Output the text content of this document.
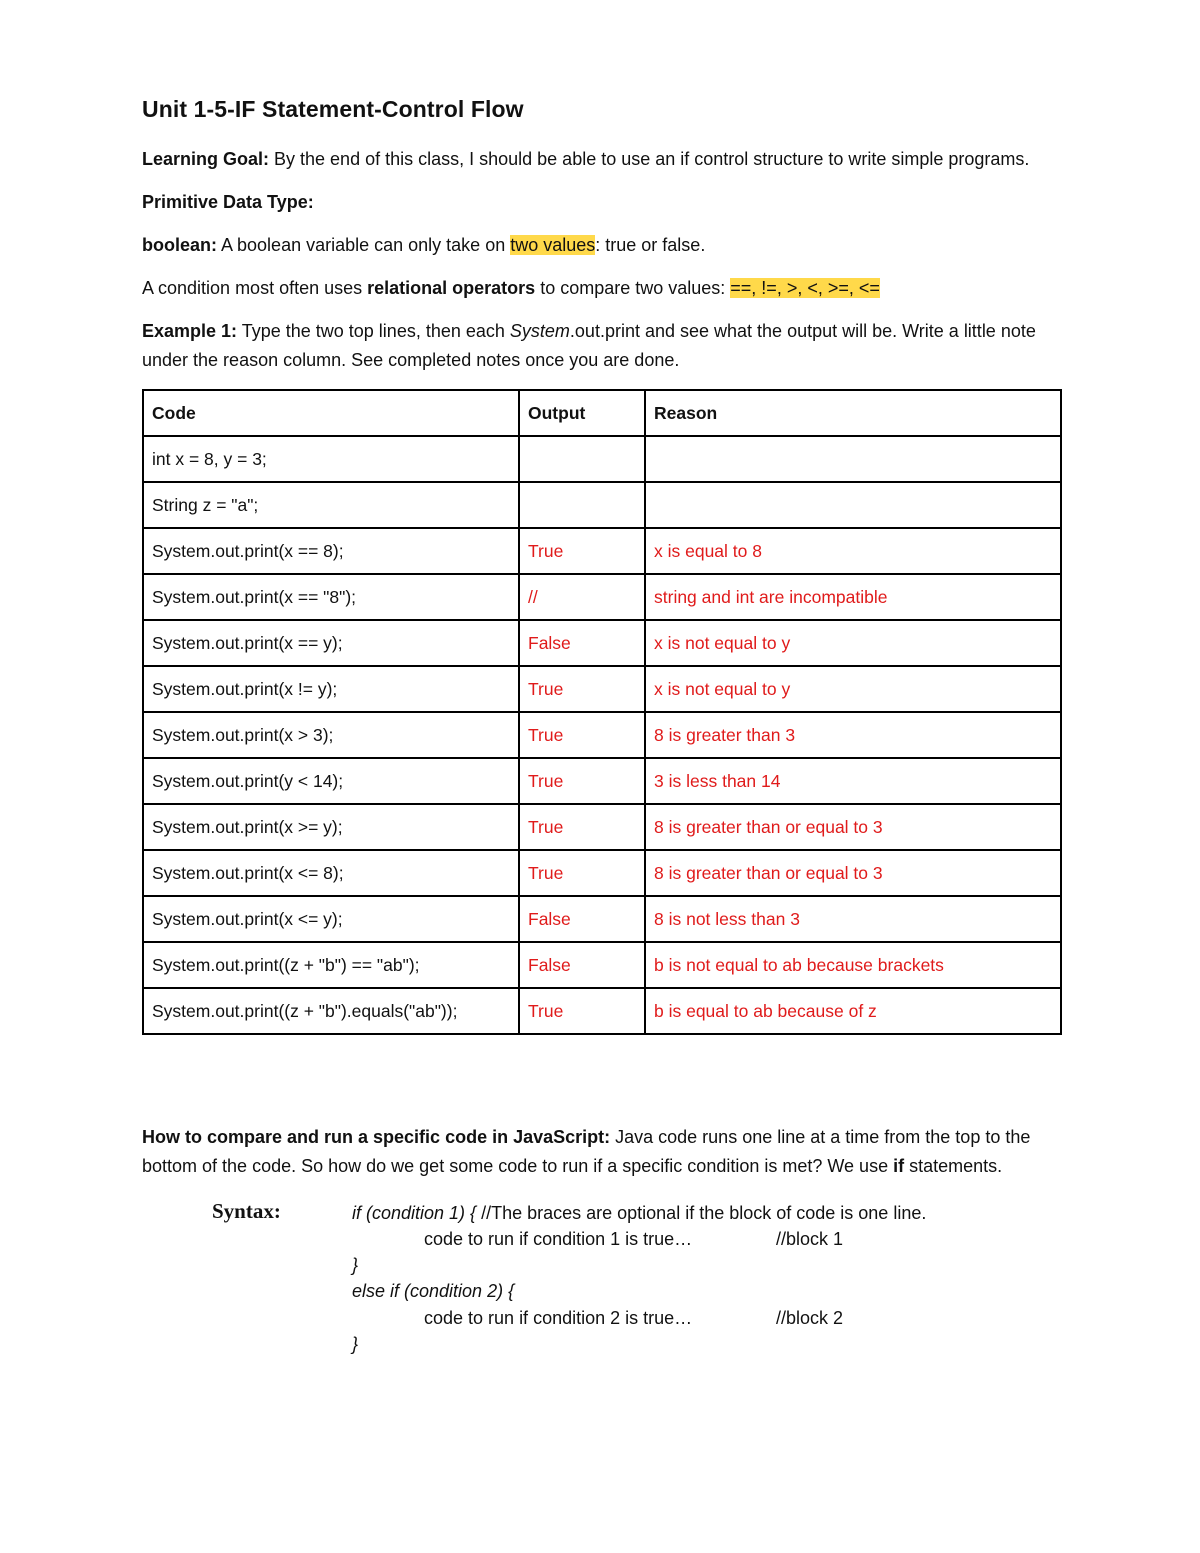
Unit 1-5-IF Statement-Control Flow

Learning Goal: By the end of this class, I should be able to use an if control structure to write simple programs.

Primitive Data Type:

boolean: A boolean variable can only take on two values: true or false.

A condition most often uses relational operators to compare two values: ==, !=, >, <, >=, <=

Example 1: Type the two top lines, then each System.out.print and see what the output will be. Write a little note under the reason column. See completed notes once you are done.

Code	Output	Reason
int x = 8, y = 3;		
String z = "a";		
System.out.print(x == 8);	True	x is equal to 8
System.out.print(x == "8");	//	string and int are incompatible
System.out.print(x == y);	False	x is not equal to y
System.out.print(x != y);	True	x is not equal to y
System.out.print(x > 3);	True	8 is greater than 3
System.out.print(y < 14);	True	3 is less than 14
System.out.print(x >= y);	True	8 is greater than or equal to 3
System.out.print(x <= 8);	True	8 is greater than or equal to 3
System.out.print(x <= y);	False	8 is not less than 3
System.out.print((z + "b") == "ab");	False	b is not equal to ab because brackets
System.out.print((z + "b").equals("ab"));	True	b is equal to ab because of z

How to compare and run a specific code in JavaScript: Java code runs one line at a time from the top to the bottom of the code. So how do we get some code to run if a specific condition is met? We use if statements.

Syntax:	if (condition 1) { //The braces are optional if the block of code is one line.
code to run if condition 1 is true…	//block 1
}
else if (condition 2) {
code to run if condition 2 is true…	//block 2
}
